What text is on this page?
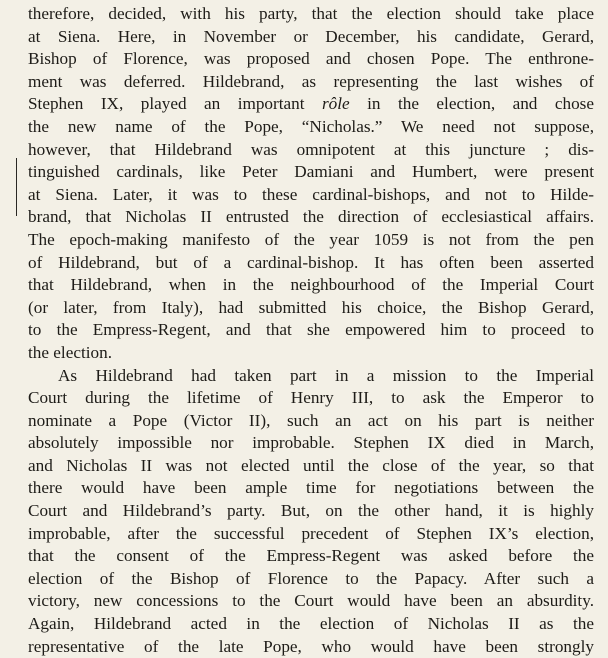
therefore, decided, with his party, that the election should take place
at Siena. Here, in November or December, his candidate, Gerard,
Bishop of Florence, was proposed and chosen Pope. The enthrone-
ment was deferred. Hildebrand, as representing the last wishes of
Stephen IX, played an important rôle in the election, and chose
the new name of the Pope, “Nicholas.” We need not suppose,
however, that Hildebrand was omnipotent at this juncture ; dis-
tinguished cardinals, like Peter Damiani and Humbert, were present
at Siena. Later, it was to these cardinal-bishops, and not to Hilde-
brand, that Nicholas II entrusted the direction of ecclesiastical affairs.
The epoch-making manifesto of the year 1059 is not from the pen
of Hildebrand, but of a cardinal-bishop. It has often been asserted
that Hildebrand, when in the neighbourhood of the Imperial Court
(or later, from Italy), had submitted his choice, the Bishop Gerard,
to the Empress-Regent, and that she empowered him to proceed to
the election.
As Hildebrand had taken part in a mission to the Imperial
Court during the lifetime of Henry III, to ask the Emperor to
nominate a Pope (Victor II), such an act on his part is neither
absolutely impossible nor improbable. Stephen IX died in March,
and Nicholas II was not elected until the close of the year, so that
there would have been ample time for negotiations between the
Court and Hildebrand’s party. But, on the other hand, it is highly
improbable, after the successful precedent of Stephen IX’s election,
that the consent of the Empress-Regent was asked before the
election of the Bishop of Florence to the Papacy. After such a
victory, new concessions to the Court would have been an absurdity.
Again, Hildebrand acted in the election of Nicholas II as the
representative of the late Pope, who would have been strongly
